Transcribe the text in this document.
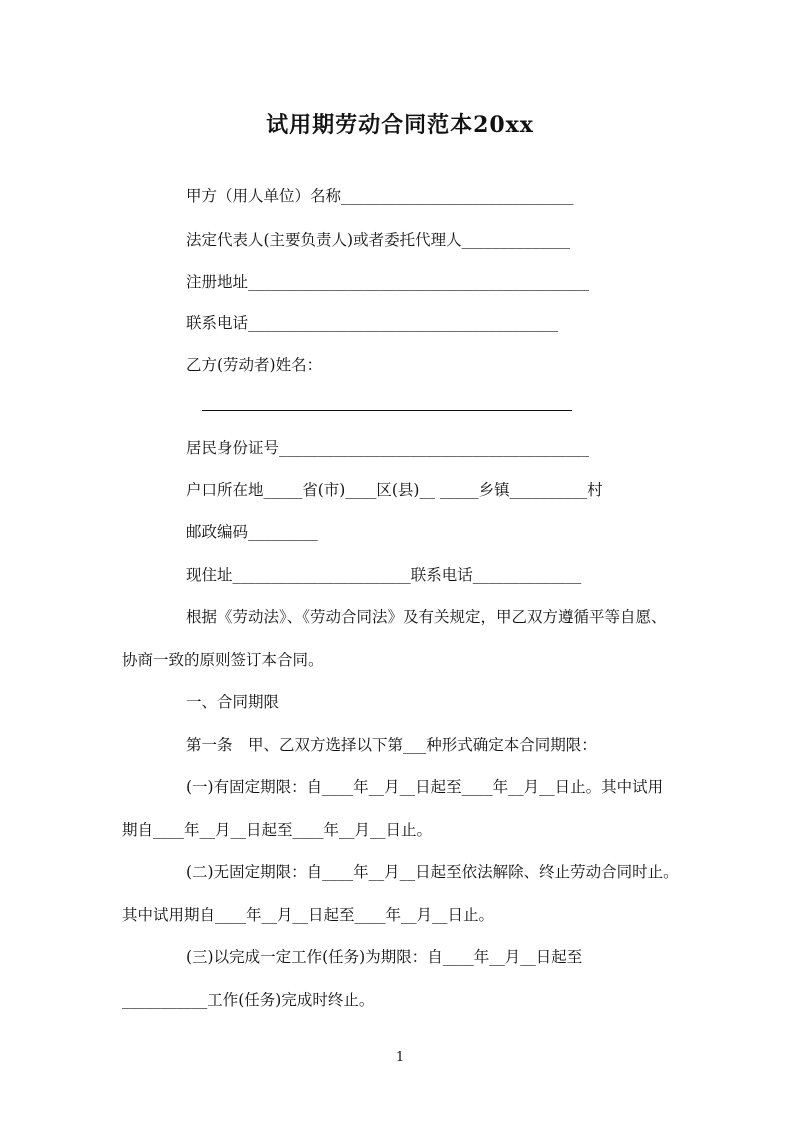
试用期劳动合同范本20xx
甲方（用人单位）名称______________________________
法定代表人(主要负责人)或者委托代理人______________
注册地址____________________________________________
联系电话________________________________________
乙方(劳动者)姓名：
居民身份证号________________________________________
户口所在地_____省(市)____区(县)__ _____乡镇__________村
邮政编码_________
现住址_______________________联系电话______________
根据《劳动法》、《劳动合同法》及有关规定，甲乙双方遵循平等自愿、
协商一致的原则签订本合同。
一、合同期限
第一条　甲、乙双方选择以下第___种形式确定本合同期限：
(一)有固定期限：自____年__月__日起至____年__月__日止。其中试用
期自____年__月__日起至____年__月__日止。
(二)无固定期限：自____年__月__日起至依法解除、终止劳动合同时止。
其中试用期自____年__月__日起至____年__月__日止。
(三)以完成一定工作(任务)为期限：自____年__月__日起至
___________工作(任务)完成时终止。
1
